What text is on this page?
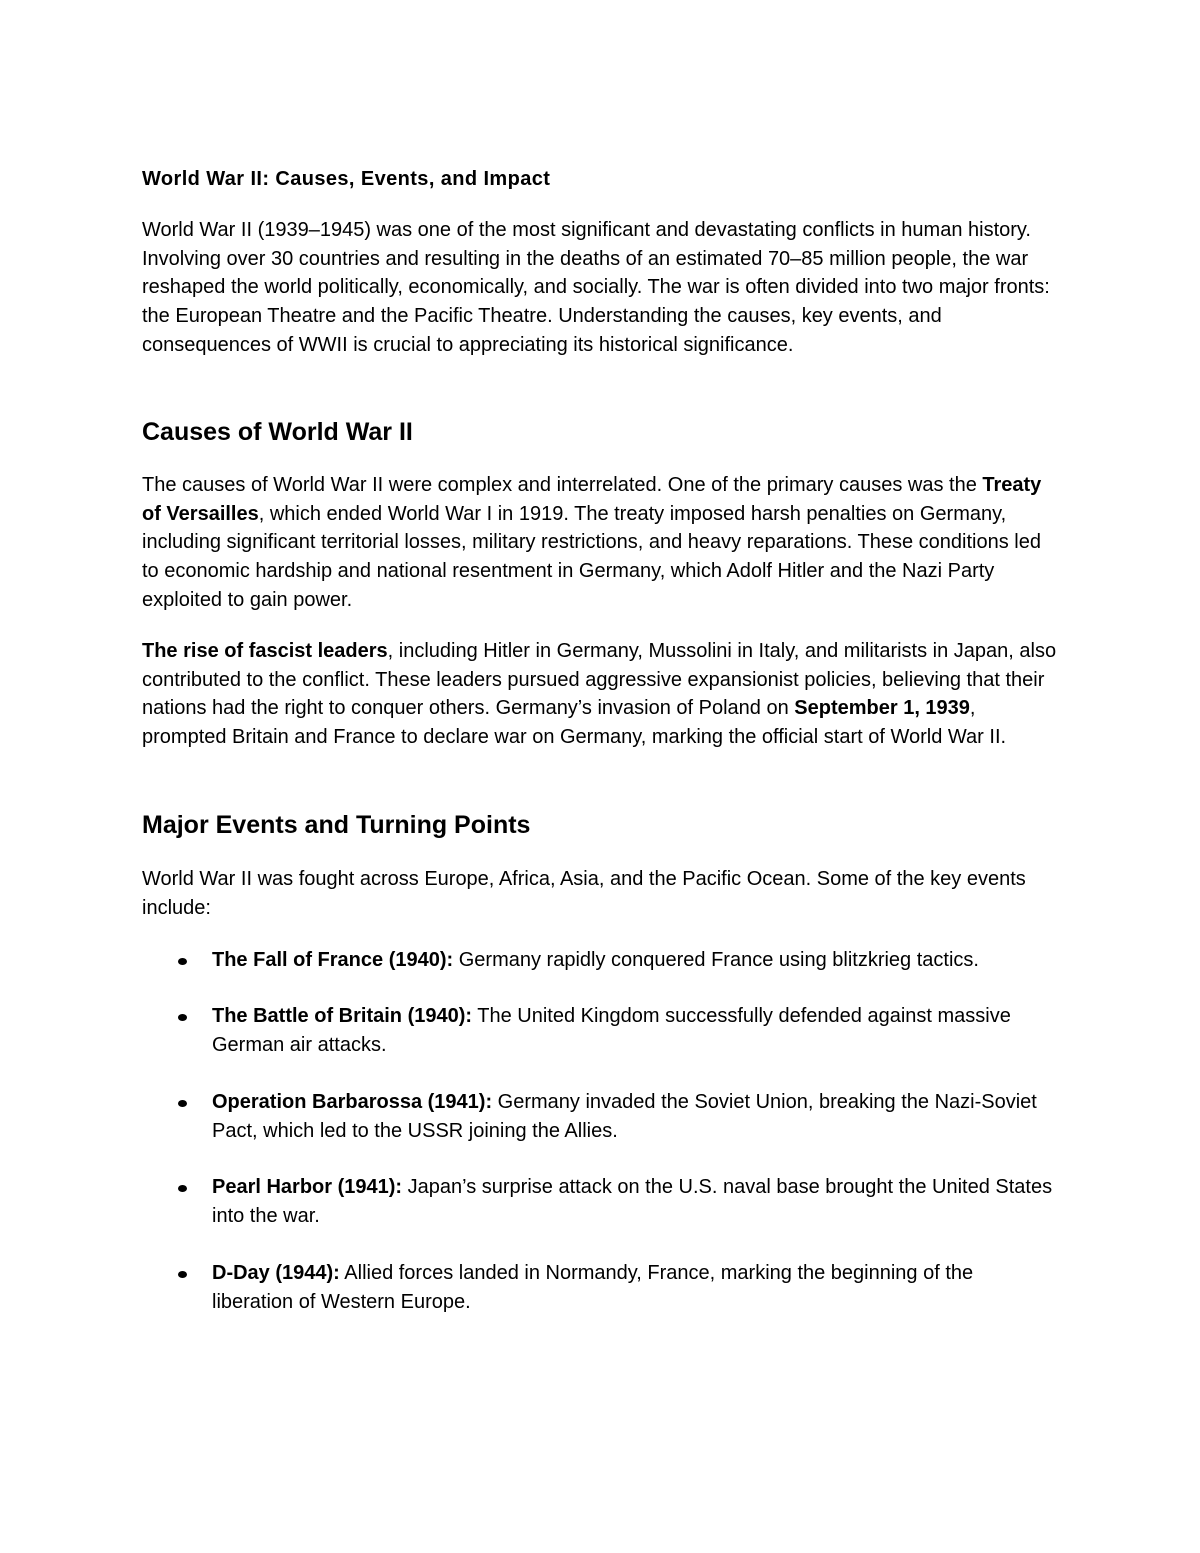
World War II: Causes, Events, and Impact

World War II (1939–1945) was one of the most significant and devastating conflicts in human history. Involving over 30 countries and resulting in the deaths of an estimated 70–85 million people, the war reshaped the world politically, economically, and socially. The war is often divided into two major fronts: the European Theatre and the Pacific Theatre. Understanding the causes, key events, and consequences of WWII is crucial to appreciating its historical significance.

Causes of World War II

The causes of World War II were complex and interrelated. One of the primary causes was the Treaty of Versailles, which ended World War I in 1919. The treaty imposed harsh penalties on Germany, including significant territorial losses, military restrictions, and heavy reparations. These conditions led to economic hardship and national resentment in Germany, which Adolf Hitler and the Nazi Party exploited to gain power.

The rise of fascist leaders, including Hitler in Germany, Mussolini in Italy, and militarists in Japan, also contributed to the conflict. These leaders pursued aggressive expansionist policies, believing that their nations had the right to conquer others. Germany’s invasion of Poland on September 1, 1939, prompted Britain and France to declare war on Germany, marking the official start of World War II.

Major Events and Turning Points

World War II was fought across Europe, Africa, Asia, and the Pacific Ocean. Some of the key events include:

The Fall of France (1940): Germany rapidly conquered France using blitzkrieg tactics.

The Battle of Britain (1940): The United Kingdom successfully defended against massive German air attacks.

Operation Barbarossa (1941): Germany invaded the Soviet Union, breaking the Nazi-Soviet Pact, which led to the USSR joining the Allies.

Pearl Harbor (1941): Japan’s surprise attack on the U.S. naval base brought the United States into the war.

D-Day (1944): Allied forces landed in Normandy, France, marking the beginning of the liberation of Western Europe.
